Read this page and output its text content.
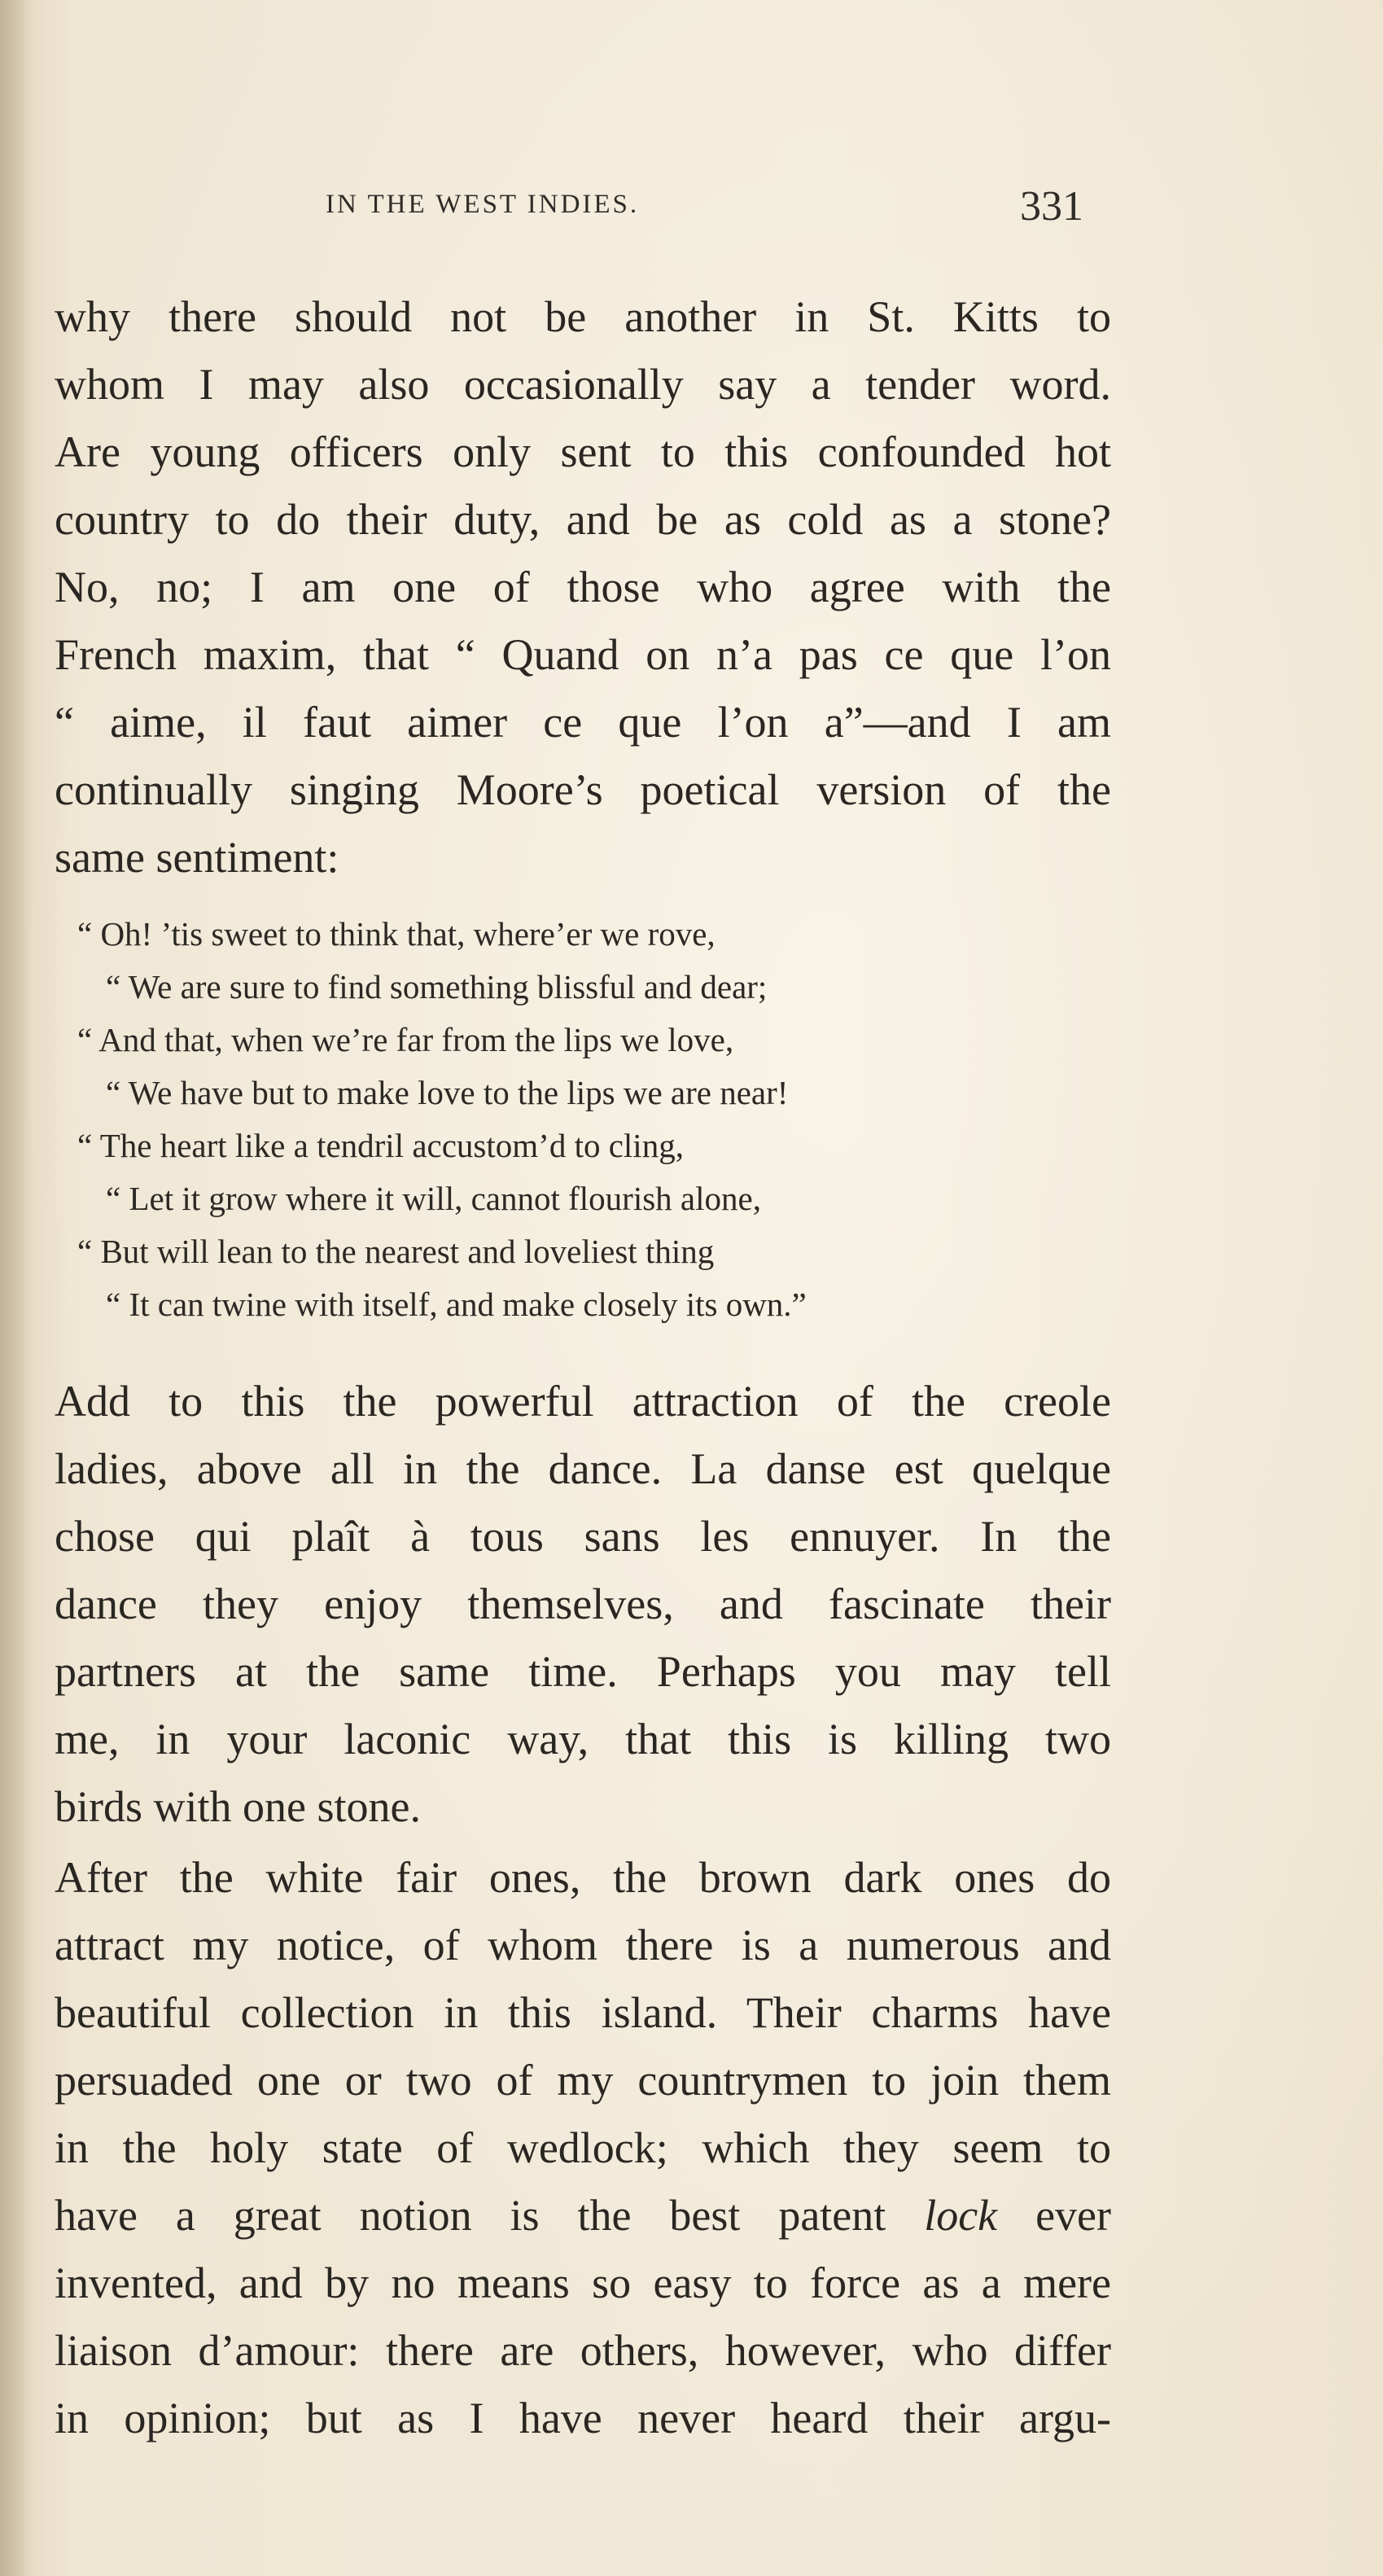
IN THE WEST INDIES.	331
why there should not be another in St. Kitts to
whom I may also occasionally say a tender word.
Are young officers only sent to this confounded hot
country to do their duty, and be as cold as a stone?
No, no; I am one of those who agree with the
French maxim, that “ Quand on n’a pas ce que l’on
“ aime, il faut aimer ce que l’on a”—and I am
continually singing Moore’s poetical version of the
same sentiment:
“ Oh! ’tis sweet to think that, where’er we rove,
“ We are sure to find something blissful and dear;
“ And that, when we’re far from the lips we love,
“ We have but to make love to the lips we are near!
“ The heart like a tendril accustom’d to cling,
“ Let it grow where it will, cannot flourish alone,
“ But will lean to the nearest and loveliest thing
“ It can twine with itself, and make closely its own.”
Add to this the powerful attraction of the creole
ladies, above all in the dance. La danse est quelque
chose qui plaît à tous sans les ennuyer. In the
dance they enjoy themselves, and fascinate their
partners at the same time. Perhaps you may tell
me, in your laconic way, that this is killing two
birds with one stone.
After the white fair ones, the brown dark ones do
attract my notice, of whom there is a numerous and
beautiful collection in this island. Their charms have
persuaded one or two of my countrymen to join them
in the holy state of wedlock; which they seem to
have a great notion is the best patent lock ever
invented, and by no means so easy to force as a mere
liaison d’amour: there are others, however, who differ
in opinion; but as I have never heard their argu-
